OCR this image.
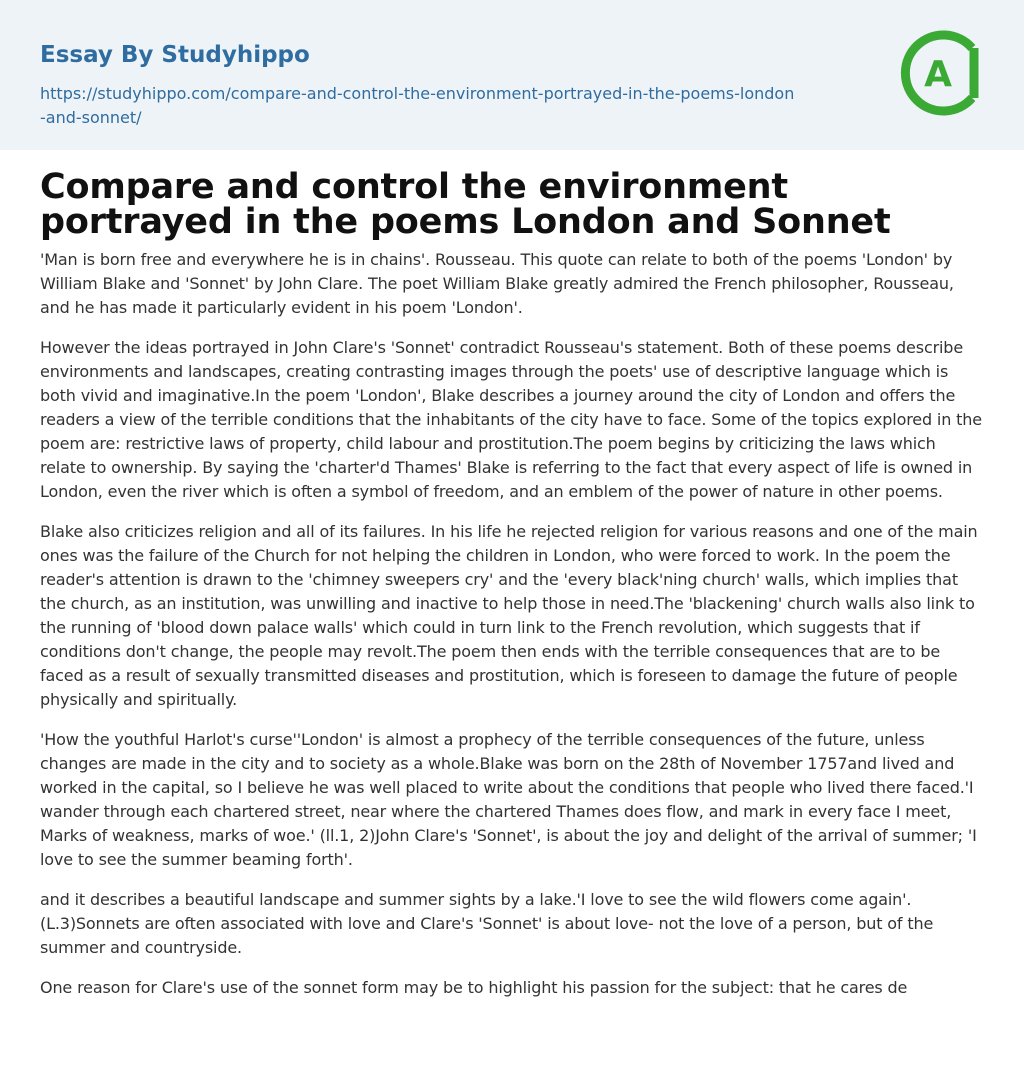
Essay By Studyhippo
https://studyhippo.com/compare-and-control-the-environment-portrayed-in-the-poems-london-and-sonnet/
A
Compare and control the environment portrayed in the poems London and Sonnet

'Man is born free and everywhere he is in chains'. Rousseau. This quote can relate to both of the poems 'London' by William Blake and 'Sonnet' by John Clare. The poet William Blake greatly admired the French philosopher, Rousseau, and he has made it particularly evident in his poem 'London'.

However the ideas portrayed in John Clare's 'Sonnet' contradict Rousseau's statement. Both of these poems describe environments and landscapes, creating contrasting images through the poets' use of descriptive language which is both vivid and imaginative.In the poem 'London', Blake describes a journey around the city of London and offers the readers a view of the terrible conditions that the inhabitants of the city have to face. Some of the topics explored in the poem are: restrictive laws of property, child labour and prostitution.The poem begins by criticizing the laws which relate to ownership. By saying the 'charter'd Thames' Blake is referring to the fact that every aspect of life is owned in London, even the river which is often a symbol of freedom, and an emblem of the power of nature in other poems.

Blake also criticizes religion and all of its failures. In his life he rejected religion for various reasons and one of the main ones was the failure of the Church for not helping the children in London, who were forced to work. In the poem the reader's attention is drawn to the 'chimney sweepers cry' and the 'every black'ning church' walls, which implies that the church, as an institution, was unwilling and inactive to help those in need.The 'blackening' church walls also link to the running of 'blood down palace walls' which could in turn link to the French revolution, which suggests that if conditions don't change, the people may revolt.The poem then ends with the terrible consequences that are to be faced as a result of sexually transmitted diseases and prostitution, which is foreseen to damage the future of people physically and spiritually.

'How the youthful Harlot's curse''London' is almost a prophecy of the terrible consequences of the future, unless changes are made in the city and to society as a whole.Blake was born on the 28th of November 1757and lived and worked in the capital, so I believe he was well placed to write about the conditions that people who lived there faced.'I wander through each chartered street, near where the chartered Thames does flow, and mark in every face I meet, Marks of weakness, marks of woe.' (ll.1, 2)John Clare's 'Sonnet', is about the joy and delight of the arrival of summer; 'I love to see the summer beaming forth'.

and it describes a beautiful landscape and summer sights by a lake.'I love to see the wild flowers come again'.(L.3)Sonnets are often associated with love and Clare's 'Sonnet' is about love- not the love of a person, but of the summer and countryside.

One reason for Clare's use of the sonnet form may be to highlight his passion for the subject: that he cares de
